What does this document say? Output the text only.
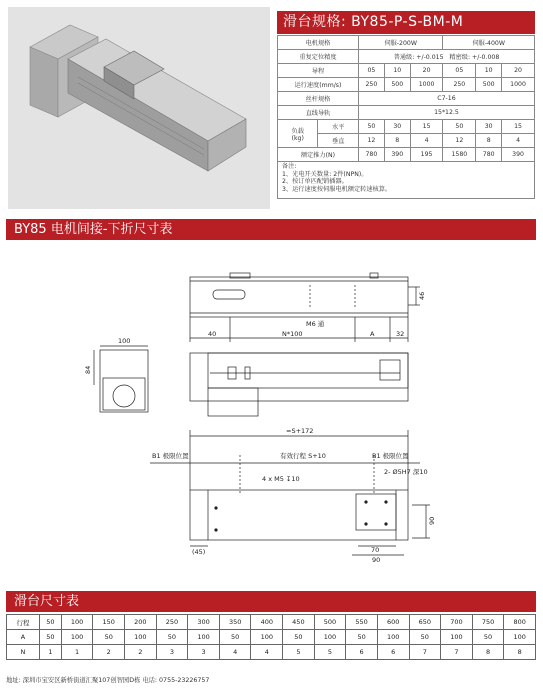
滑台规格: BY85-P-S-BM-M
电机规格		伺服-200W			伺服-400W		
重复定位精度		普通级: +/-0.015 精密级: +/-0.008					
导程		05	10	20	05	10	20
运行速度(mm/s)		250	500	1000	250	500	1000
丝杆规格		C7-16					
直线导轨		15*12.5					
负载
(kg)	水平	50	30	15	50	30	15
	垂直	12	8	4	12	8	4
额定推力(N)		780	390	195	1580	780	390
备注:
1、光电开关数量: 2件(NPN)。
2、按订单匹配销插器。
3、运行速度按伺服电机额定转速核算。
BY85 电机间接-下折尺寸表
40	N*100	A	32
M6 通
46
100
84
=S+172
B1 极限位置	有效行程 S+10	B1 极限位置
4 x M5 ↧10
2- Ø5H7 深10
(45)	70
90
90
滑台尺寸表
行程	50	100	150	200	250	300	350	400	450	500	550	600	650	700	750	800
A	50	100	50	100	50	100	50	100	50	100	50	100	50	100	50	100
N	1	1	2	2	3	3	4	4	5	5	6	6	7	7	8	8
地址: 深圳市宝安区新桥街道汇聚107创智园D栋 电话: 0755-23226757
